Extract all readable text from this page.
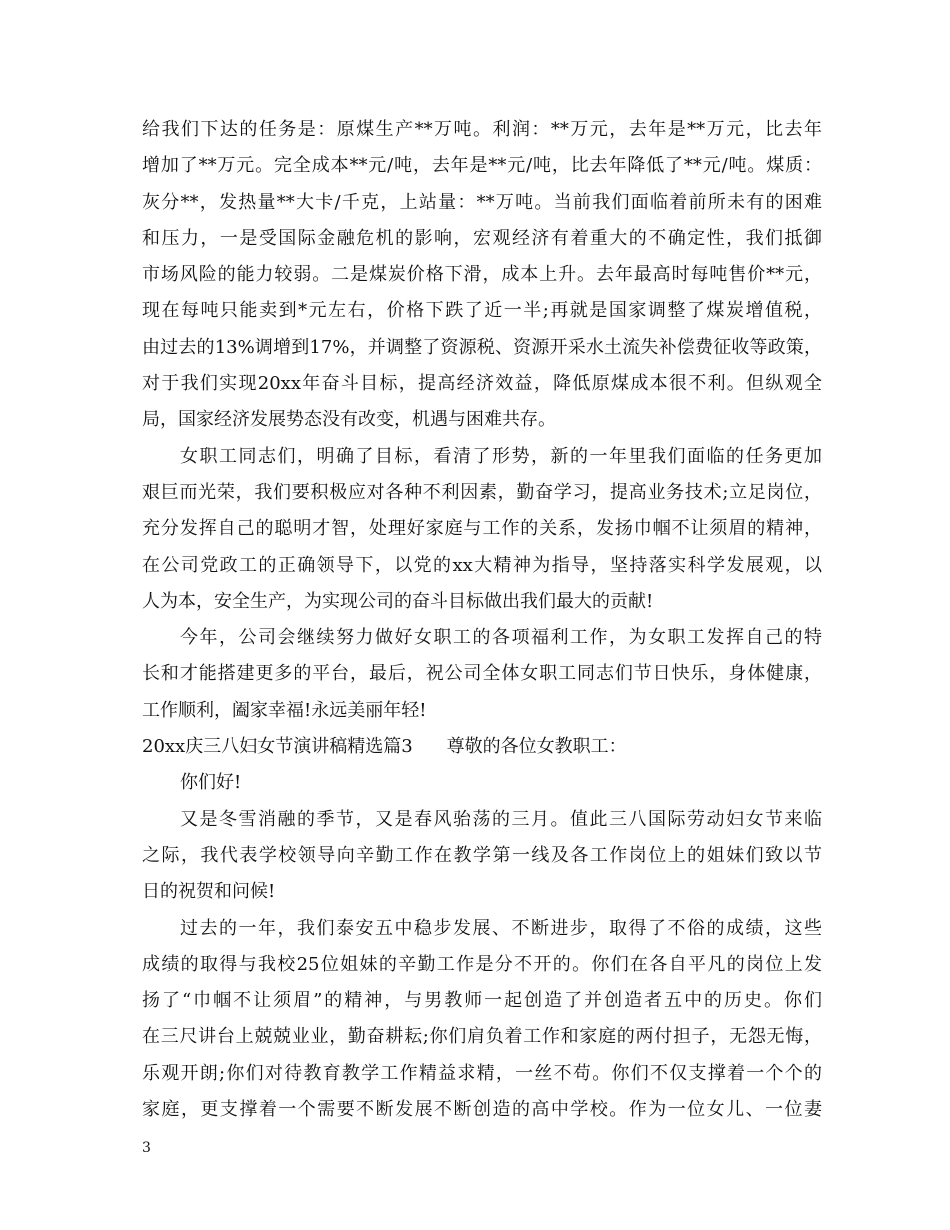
给我们下达的任务是：原煤生产**万吨。利润：**万元，去年是**万元，比去年
增加了**万元。完全成本**元/吨，去年是**元/吨，比去年降低了**元/吨。煤质：
灰分**，发热量**大卡/千克，上站量：**万吨。当前我们面临着前所未有的困难
和压力，一是受国际金融危机的影响，宏观经济有着重大的不确定性，我们抵御
市场风险的能力较弱。二是煤炭价格下滑，成本上升。去年最高时每吨售价**元，
现在每吨只能卖到*元左右，价格下跌了近一半;再就是国家调整了煤炭增值税，
由过去的13%调增到17%，并调整了资源税、资源开采水土流失补偿费征收等政策，
对于我们实现20xx年奋斗目标，提高经济效益，降低原煤成本很不利。但纵观全
局，国家经济发展势态没有改变，机遇与困难共存。
女职工同志们，明确了目标，看清了形势，新的一年里我们面临的任务更加
艰巨而光荣，我们要积极应对各种不利因素，勤奋学习，提高业务技术;立足岗位，
充分发挥自己的聪明才智，处理好家庭与工作的关系，发扬巾帼不让须眉的精神，
在公司党政工的正确领导下，以党的xx大精神为指导，坚持落实科学发展观，以
人为本，安全生产，为实现公司的奋斗目标做出我们最大的贡献!
今年，公司会继续努力做好女职工的各项福利工作，为女职工发挥自己的特
长和才能搭建更多的平台，最后，祝公司全体女职工同志们节日快乐，身体健康，
工作顺利，阖家幸福!永远美丽年轻!
20xx庆三八妇女节演讲稿精选篇3 尊敬的各位女教职工：
你们好!
又是冬雪消融的季节，又是春风骀荡的三月。值此三八国际劳动妇女节来临
之际，我代表学校领导向辛勤工作在教学第一线及各工作岗位上的姐妹们致以节
日的祝贺和问候!
过去的一年，我们泰安五中稳步发展、不断进步，取得了不俗的成绩，这些
成绩的取得与我校25位姐妹的辛勤工作是分不开的。你们在各自平凡的岗位上发
扬了“巾帼不让须眉”的精神，与男教师一起创造了并创造者五中的历史。你们
在三尺讲台上兢兢业业，勤奋耕耘;你们肩负着工作和家庭的两付担子，无怨无悔，
乐观开朗;你们对待教育教学工作精益求精，一丝不苟。你们不仅支撑着一个个的
家庭，更支撑着一个需要不断发展不断创造的高中学校。作为一位女儿、一位妻
3
